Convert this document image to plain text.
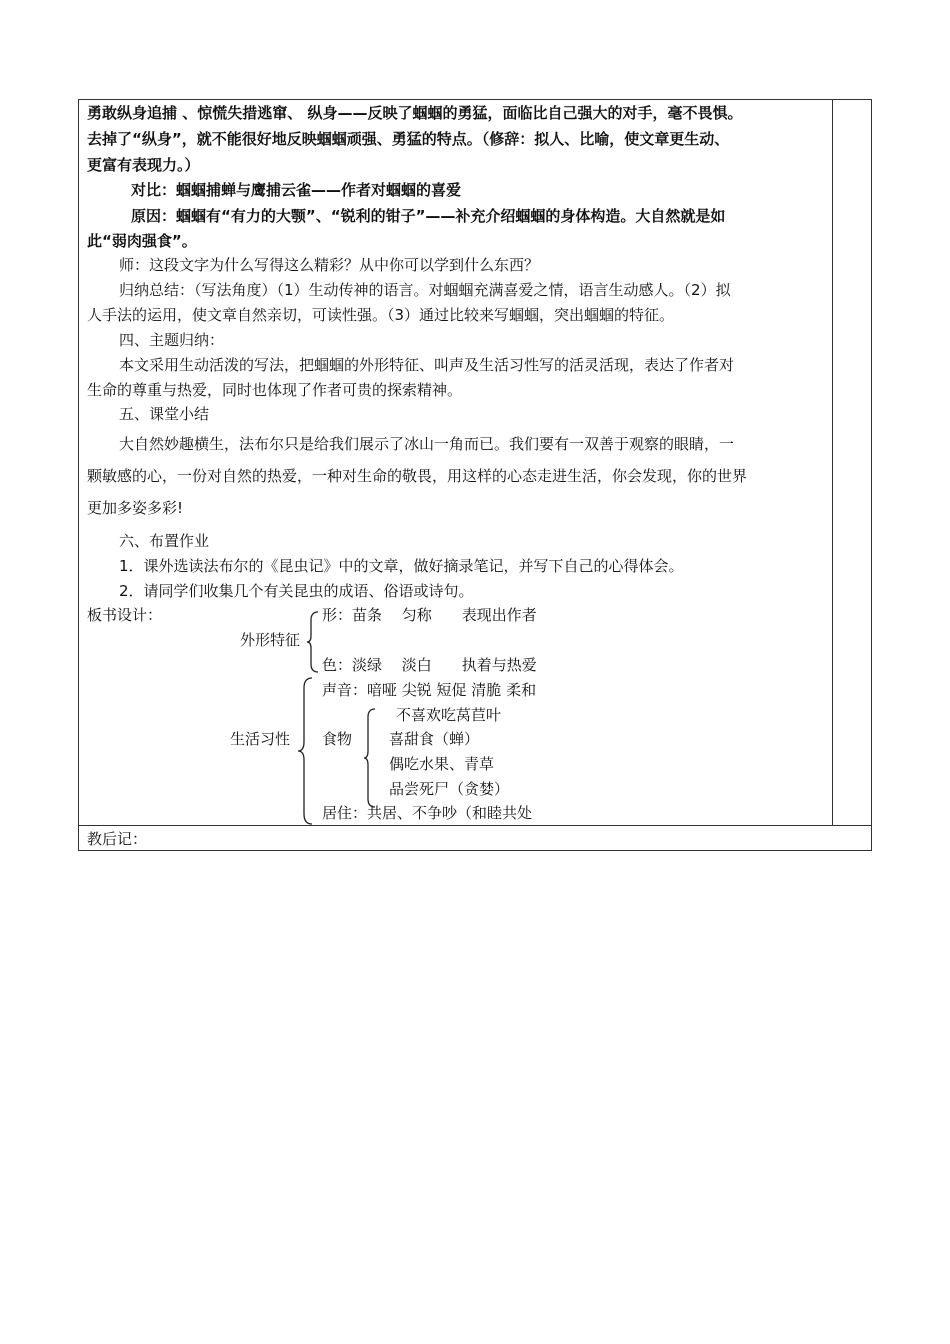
勇敢纵身追捕 、惊慌失措逃窜、 纵身——反映了蝈蝈的勇猛，面临比自己强大的对手，毫不畏惧。
去掉了“纵身”，就不能很好地反映蝈蝈顽强、勇猛的特点。（修辞：拟人、比喻，使文章更生动、
更富有表现力。）
对比：蝈蝈捕蝉与鹰捕云雀——作者对蝈蝈的喜爱
原因：蝈蝈有“有力的大颚”、“锐利的钳子”——补充介绍蝈蝈的身体构造。大自然就是如
此“弱肉强食”。
师：这段文字为什么写得这么精彩？从中你可以学到什么东西？
归纳总结：（写法角度）（1）生动传神的语言。对蝈蝈充满喜爱之情，语言生动感人。（2）拟
人手法的运用，使文章自然亲切，可读性强。（3）通过比较来写蝈蝈，突出蝈蝈的特征。
四、主题归纳：
本文采用生动活泼的写法，把蝈蝈的外形特征、叫声及生活习性写的活灵活现，表达了作者对
生命的尊重与热爱，同时也体现了作者可贵的探索精神。
五、课堂小结
大自然妙趣横生，法布尔只是给我们展示了冰山一角而已。我们要有一双善于观察的眼睛，一
颗敏感的心，一份对自然的热爱，一种对生命的敬畏，用这样的心态走进生活，你会发现，你的世界
更加多姿多彩!
六、布置作业
1．课外选读法布尔的《昆虫记》中的文章，做好摘录笔记，并写下自己的心得体会。
2．请同学们收集几个有关昆虫的成语、俗语或诗句。
板书设计：
外形特征
形：苗条　 匀称　　表现出作者
色：淡绿　 淡白　　执着与热爱
生活习性
声音：喑哑 尖锐 短促 清脆 柔和
食物
不喜欢吃莴苣叶
喜甜食（蝉）
偶吃水果、青草
品尝死尸（贪婪）
居住：共居、不争吵（和睦共处
教后记：
